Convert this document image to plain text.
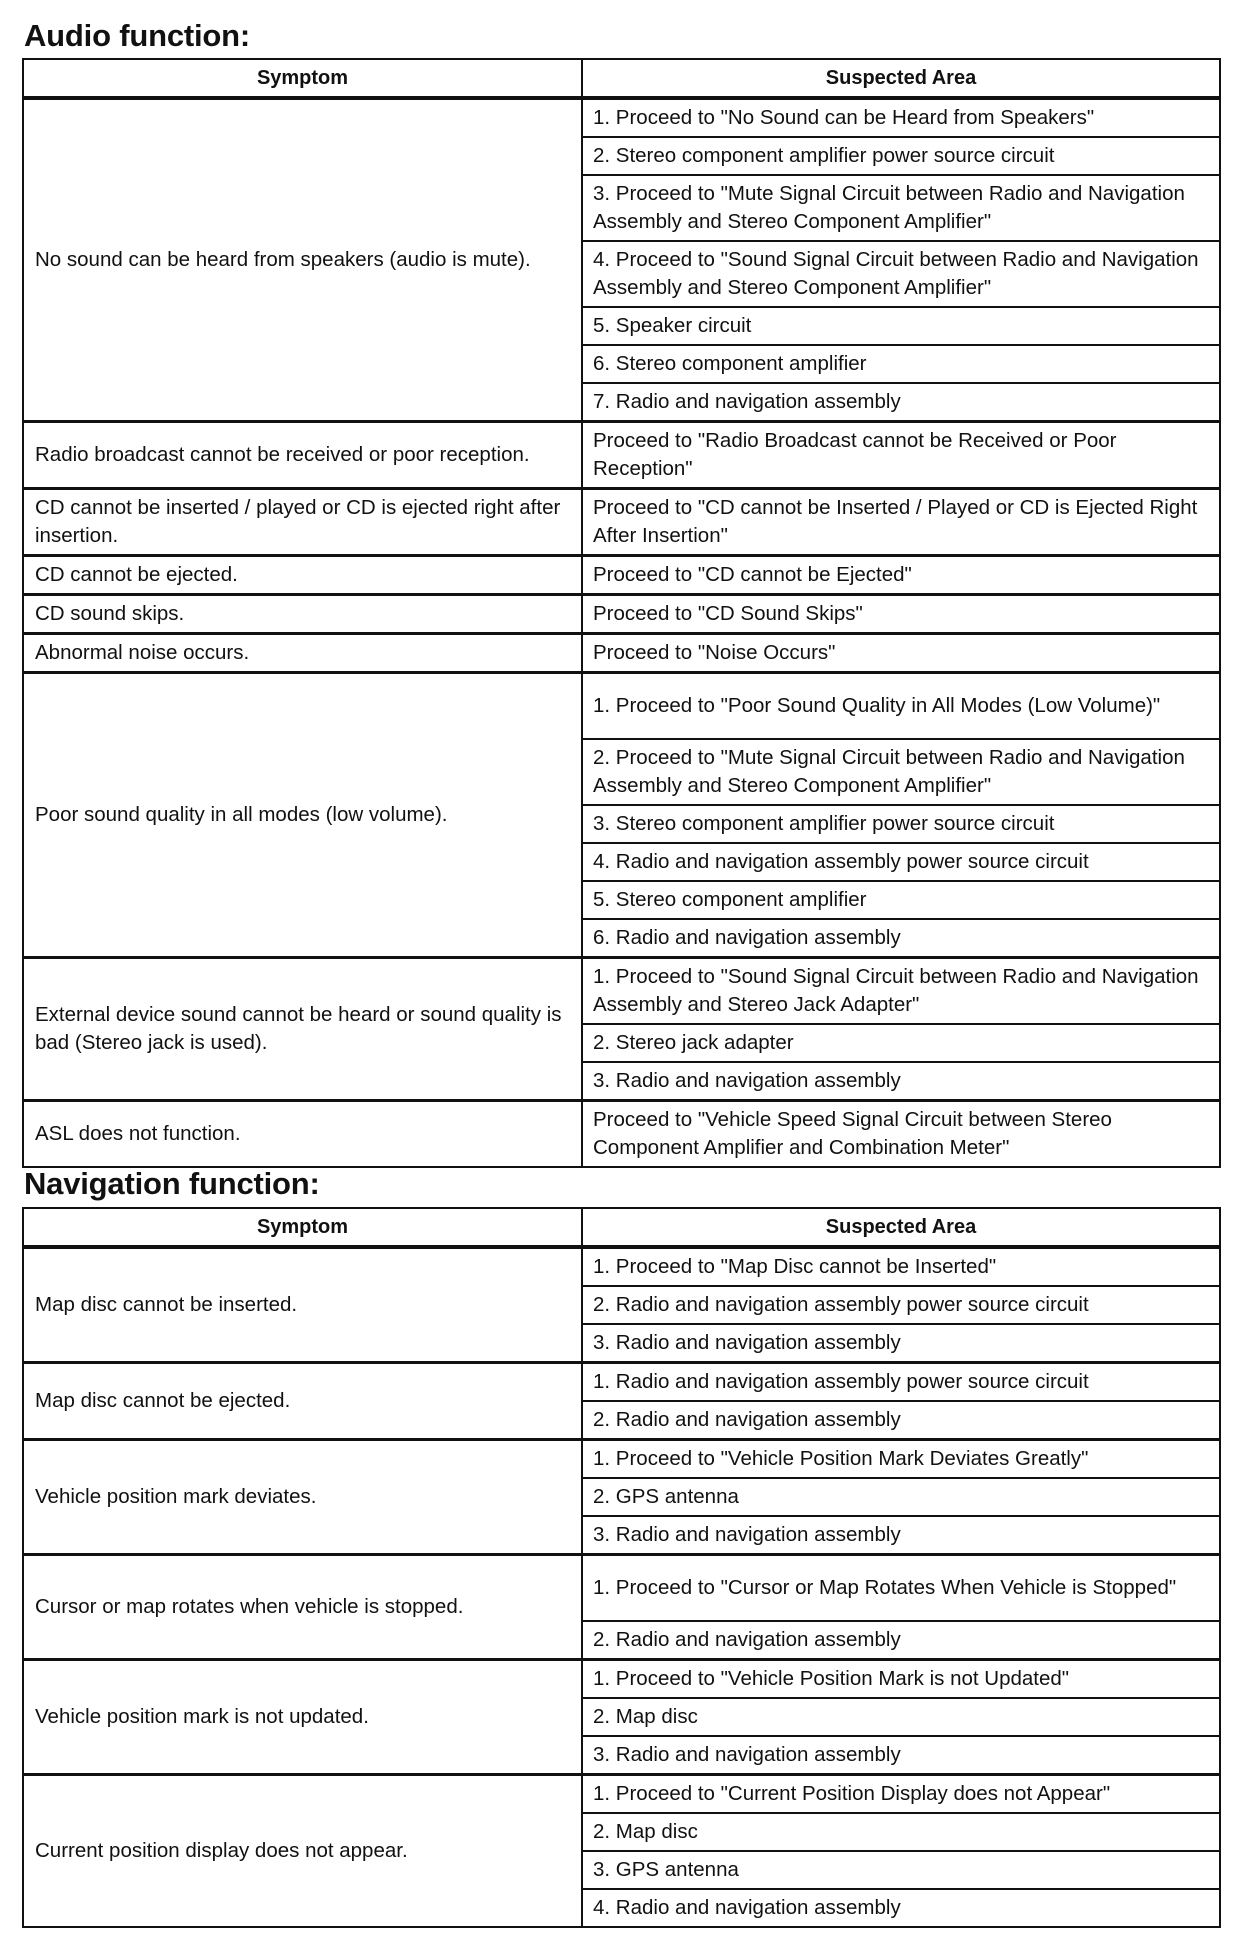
Audio function:
Symptom	Suspected Area
No sound can be heard from speakers (audio is mute).	1. Proceed to "No Sound can be Heard from Speakers"
	2. Stereo component amplifier power source circuit
	3. Proceed to "Mute Signal Circuit between Radio and Navigation Assembly and Stereo Component Amplifier"
	4. Proceed to "Sound Signal Circuit between Radio and Navigation Assembly and Stereo Component Amplifier"
	5. Speaker circuit
	6. Stereo component amplifier
	7. Radio and navigation assembly
Radio broadcast cannot be received or poor reception.	Proceed to "Radio Broadcast cannot be Received or Poor Reception"
CD cannot be inserted / played or CD is ejected right after insertion.	Proceed to "CD cannot be Inserted / Played or CD is Ejected Right After Insertion"
CD cannot be ejected.	Proceed to "CD cannot be Ejected"
CD sound skips.	Proceed to "CD Sound Skips"
Abnormal noise occurs.	Proceed to "Noise Occurs"
Poor sound quality in all modes (low volume).	1. Proceed to "Poor Sound Quality in All Modes (Low Volume)"
	2. Proceed to "Mute Signal Circuit between Radio and Navigation Assembly and Stereo Component Amplifier"
	3. Stereo component amplifier power source circuit
	4. Radio and navigation assembly power source circuit
	5. Stereo component amplifier
	6. Radio and navigation assembly
External device sound cannot be heard or sound quality is bad (Stereo jack is used).	1. Proceed to "Sound Signal Circuit between Radio and Navigation Assembly and Stereo Jack Adapter"
	2. Stereo jack adapter
	3. Radio and navigation assembly
ASL does not function.	Proceed to "Vehicle Speed Signal Circuit between Stereo Component Amplifier and Combination Meter"
Navigation function:
Symptom	Suspected Area
Map disc cannot be inserted.	1. Proceed to "Map Disc cannot be Inserted"
	2. Radio and navigation assembly power source circuit
	3. Radio and navigation assembly
Map disc cannot be ejected.	1. Radio and navigation assembly power source circuit
	2. Radio and navigation assembly
Vehicle position mark deviates.	1. Proceed to "Vehicle Position Mark Deviates Greatly"
	2. GPS antenna
	3. Radio and navigation assembly
Cursor or map rotates when vehicle is stopped.	1. Proceed to "Cursor or Map Rotates When Vehicle is Stopped"
	2. Radio and navigation assembly
Vehicle position mark is not updated.	1. Proceed to "Vehicle Position Mark is not Updated"
	2. Map disc
	3. Radio and navigation assembly
Current position display does not appear.	1. Proceed to "Current Position Display does not Appear"
	2. Map disc
	3. GPS antenna
	4. Radio and navigation assembly
